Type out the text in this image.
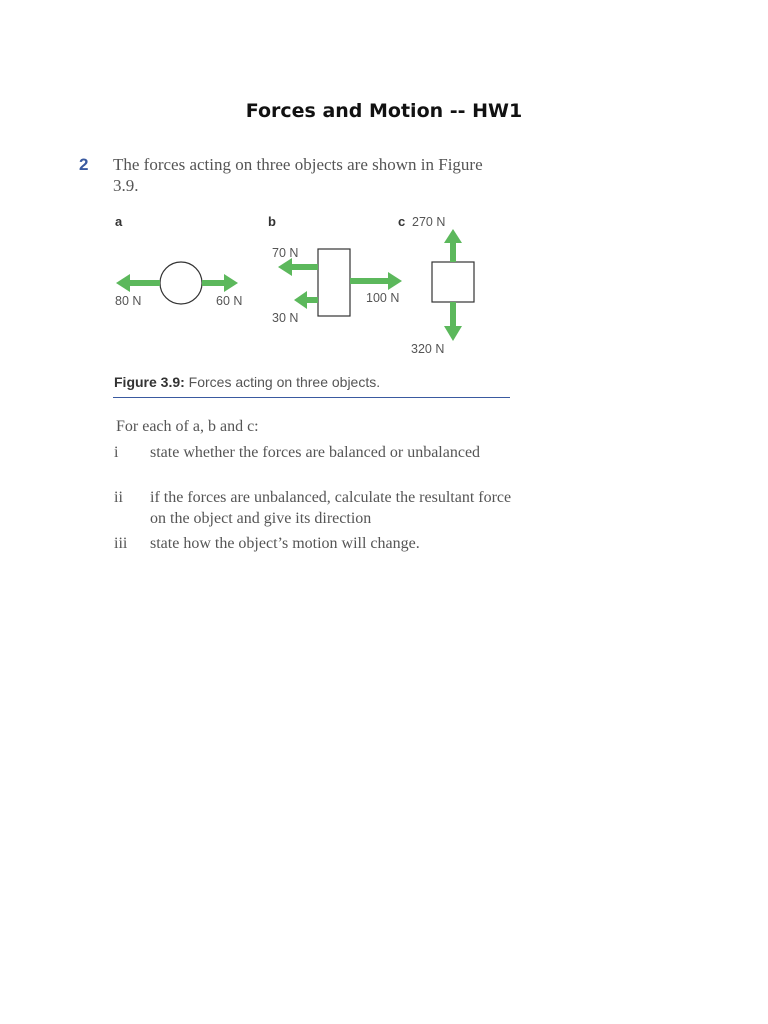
Forces and Motion -- HW1
2 The forces acting on three objects are shown in Figure 3.9.
a
80 N	60 N
b
70 N
30 N
100 N
c 270 N
320 N
Figure 3.9: Forces acting on three objects.
For each of a, b and c:
i	state whether the forces are balanced or unbalanced
ii	if the forces are unbalanced, calculate the resultant force on the object and give its direction
iii	state how the object’s motion will change.
